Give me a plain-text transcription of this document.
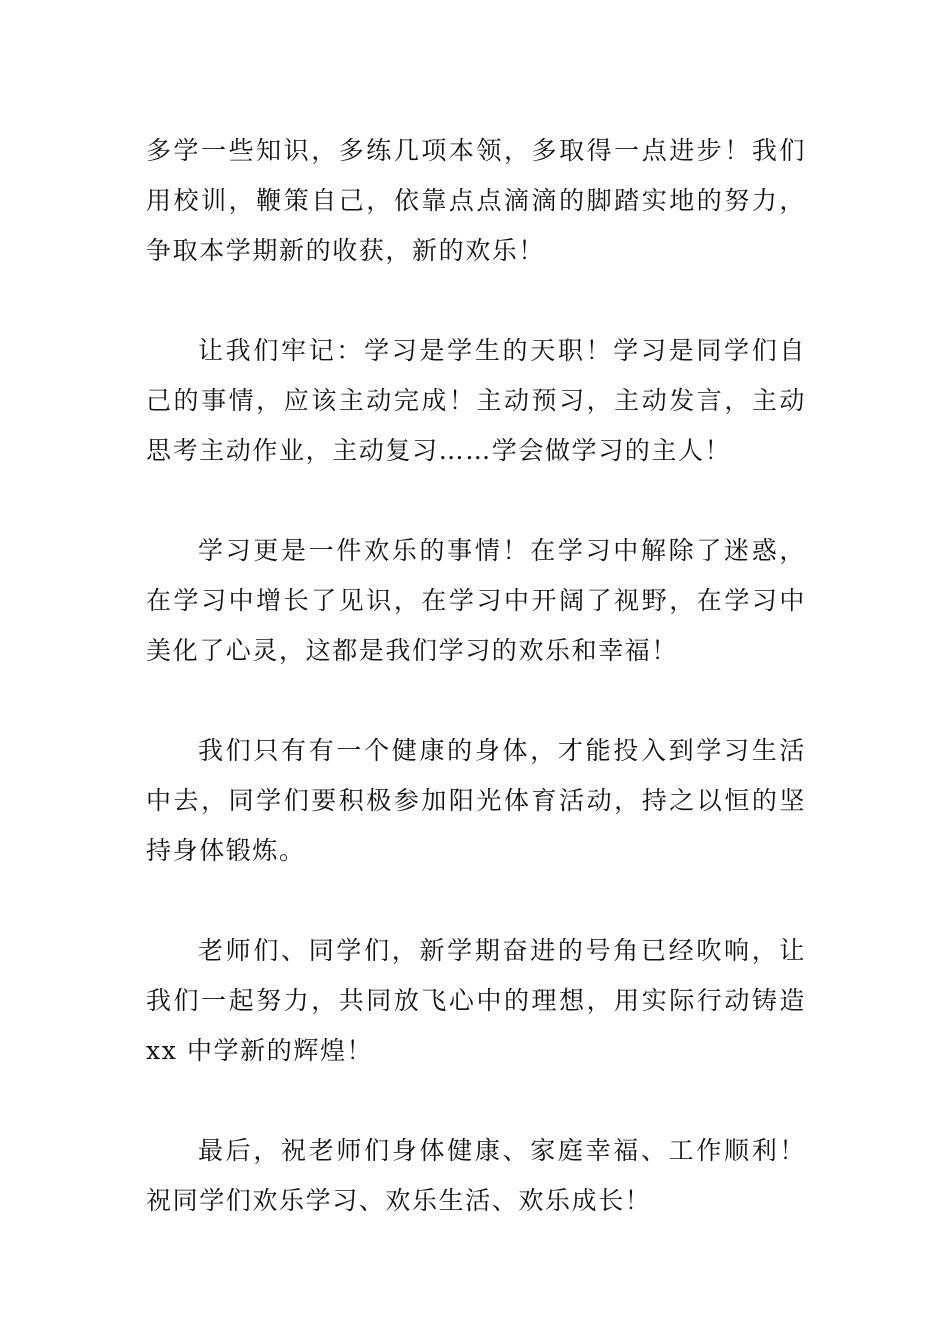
多学一些知识，多练几项本领，多取得一点进步！我们用校训，鞭策自己，依靠点点滴滴的脚踏实地的努力，争取本学期新的收获，新的欢乐！

让我们牢记：学习是学生的天职！学习是同学们自己的事情，应该主动完成！主动预习，主动发言，主动思考主动作业，主动复习……学会做学习的主人！

学习更是一件欢乐的事情！在学习中解除了迷惑，在学习中增长了见识，在学习中开阔了视野，在学习中美化了心灵，这都是我们学习的欢乐和幸福！

我们只有有一个健康的身体，才能投入到学习生活中去，同学们要积极参加阳光体育活动，持之以恒的坚持身体锻炼。

老师们、同学们，新学期奋进的号角已经吹响，让我们一起努力，共同放飞心中的理想，用实际行动铸造 xx 中学新的辉煌！

最后，祝老师们身体健康、家庭幸福、工作顺利！祝同学们欢乐学习、欢乐生活、欢乐成长！
